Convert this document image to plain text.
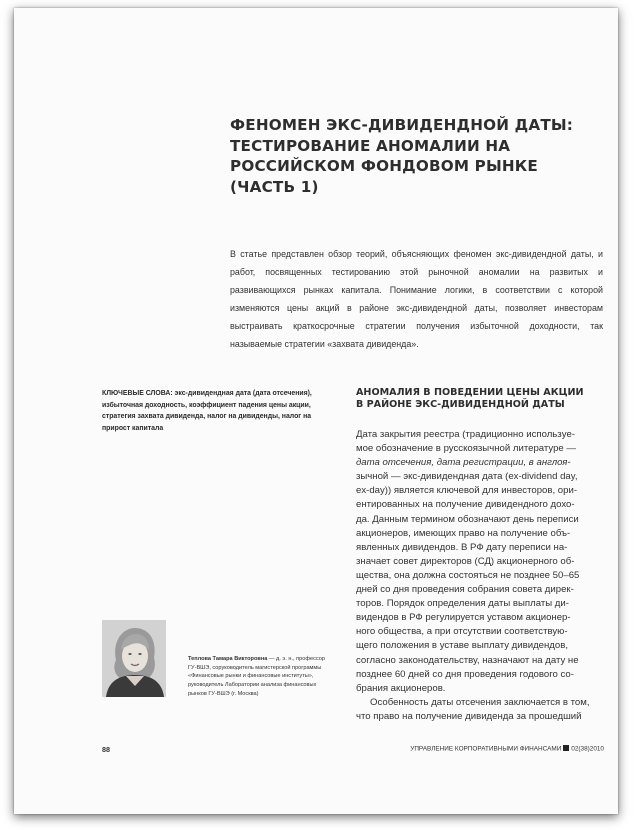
ФЕНОМЕН ЭКС-ДИВИДЕНДНОЙ ДАТЫ:
ТЕСТИРОВАНИЕ АНОМАЛИИ НА
РОССИЙСКОМ ФОНДОВОМ РЫНКЕ
(ЧАСТЬ 1)

В статье представлен обзор теорий, объясняющих феномен экс-дивидендной даты, и работ, посвященных тестированию этой рыночной аномалии на развитых и развивающихся рынках капитала. Понимание логики, в соответствии с которой изменяются цены акций в районе экс-дивидендной даты, позволяет инвесторам выстраивать краткосрочные стратегии получения избыточной доходности, так называемые стратегии «захвата дивиденда».

КЛЮЧЕВЫЕ СЛОВА: экс-дивидендная дата (дата отсечения), избыточная доходность, коэффициент падения цены акции, стратегия захвата дивиденда, налог на дивиденды, налог на прирост капитала

Теплова Тамара Викторовна — д. э. н., профессор ГУ-ВШЭ, соруководитель магистерской программы «Финансовые рынки и финансовые институты», руководитель Лаборатории анализа финансовых рынков ГУ-ВШЭ (г. Москва)

АНОМАЛИЯ В ПОВЕДЕНИИ ЦЕНЫ АКЦИИ
В РАЙОНЕ ЭКС-ДИВИДЕНДНОЙ ДАТЫ
Дата закрытия реестра (традиционно использye-
мое обозначение в русскоязычной литературе —
дата отсечения, дата регистрации, в англоя-
зычной — экс-дивидендная дата (ex-dividend day,
ex-day)) является ключевой для инвесторов, ори-
ентированных на получение дивидендного дохо-
да. Данным термином обозначают день переписи
акционеров, имеющих право на получение объ-
явленных дивидендов. В РФ дату переписи на-
значает совет директоров (СД) акционерного об-
щества, она должна состояться не позднее 50–65
дней со дня проведения собрания совета дирек-
торов. Порядок определения даты выплаты ди-
видендов в РФ регулируется уставом акционер-
ного общества, а при отсутствии соответствую-
щего положения в уставе выплату дивидендов,
согласно законодательству, назначают на дату не
позднее 60 дней со дня проведения годового со-
брания акционеров.
Особенность даты отсечения заключается в том,
что право на получение дивиденда за прошедший
88	УПРАВЛЕНИЕ КОРПОРАТИВНЫМИ ФИНАНСАМИ 02(38)2010
